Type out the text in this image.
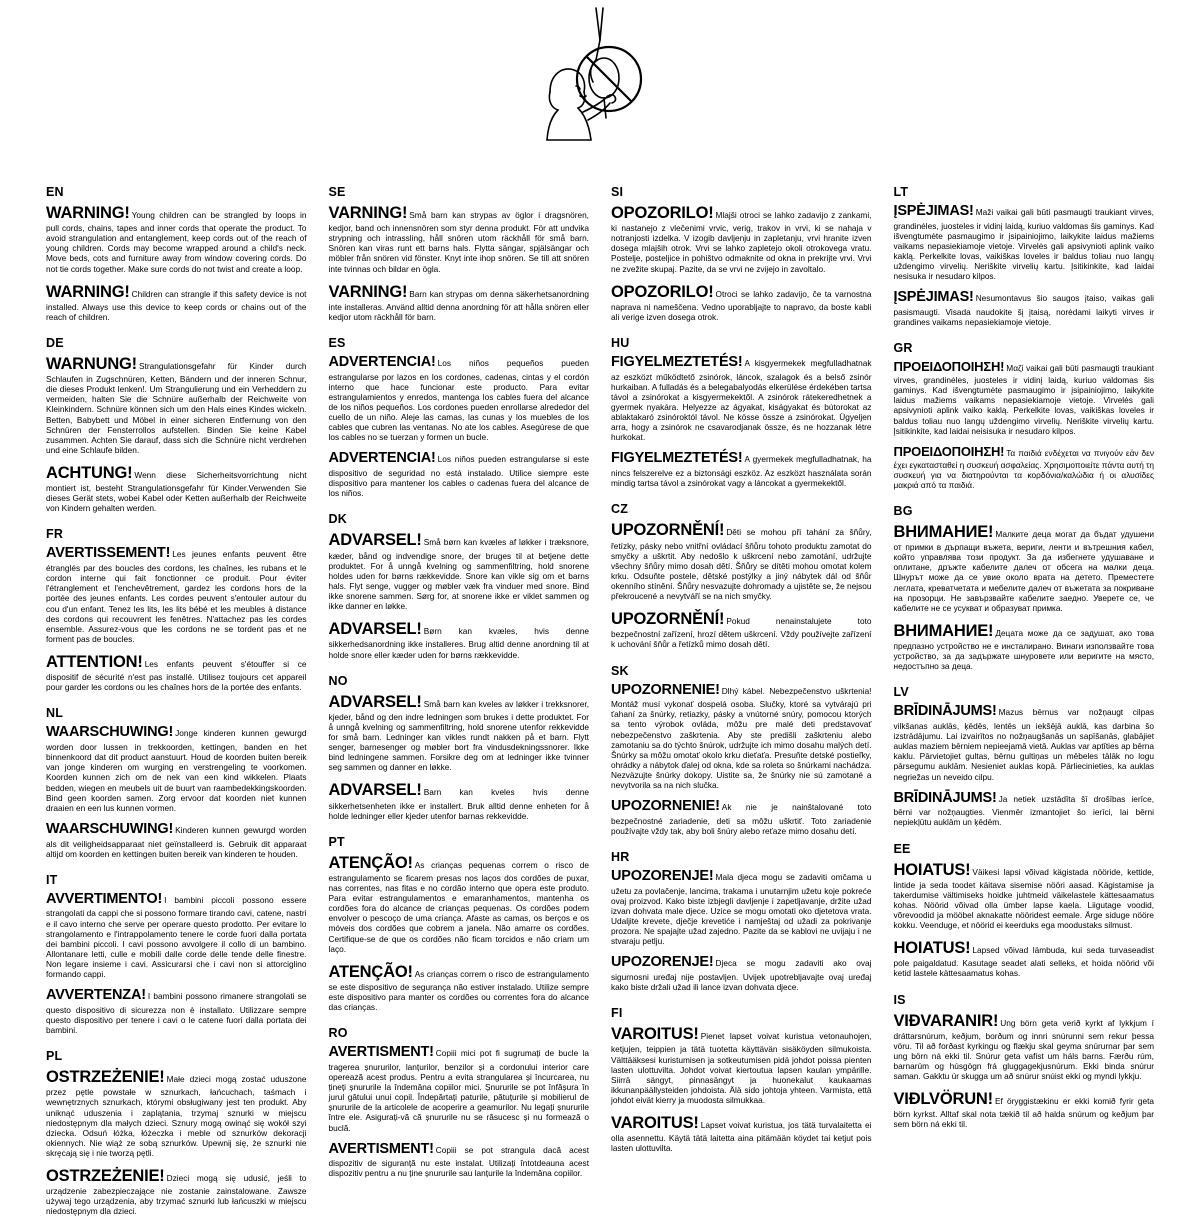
EN

WARNING! Young children can be strangled by loops in pull cords, chains, tapes and inner cords that operate the product. To avoid strangulation and entanglement, keep cords out of the reach of young children. Cords may become wrapped around a child's neck. Move beds, cots and furniture away from window covering cords. Do not tie cords together. Make sure cords do not twist and create a loop.

WARNING! Children can strangle if this safety device is not installed. Always use this device to keep cords or chains out of the reach of children.

DE

WARNUNG! Strangulationsgefahr für Kinder durch Schlaufen in Zugschnüren, Ketten, Bändern und der inneren Schnur, die dieses Produkt lenken!. Um Strangulierung und ein Verheddern zu vermeiden, halten Sie die Schnüre außerhalb der Reichweite von Kleinkindern. Schnüre können sich um den Hals eines Kindes wickeln. Betten, Babybett und Möbel in einer sicheren Entfernung von den Schnüren der Fensterrollos aufstellen. Binden Sie keine Kabel zusammen. Achten Sie darauf, dass sich die Schnüre nicht verdrehen und eine Schlaufe bilden.

ACHTUNG! Wenn diese Sicherheitsvorrichtung nicht montiert ist, besteht Strangulationsgefahr für Kinder.Verwenden Sie dieses Gerät stets, wobei Kabel oder Ketten außerhalb der Reichweite von Kindern gehalten werden.

FR

AVERTISSEMENT! Les jeunes enfants peuvent être étranglés par des boucles des cordons, les chaînes, les rubans et le cordon interne qui fait fonctionner ce produit. Pour éviter l'étranglement et l'enchevêtrement, gardez les cordons hors de la portée des jeunes enfants. Les cordes peuvent s'entouler autour du cou d'un enfant. Tenez les lits, les lits bébé et les meubles à distance des cordons qui recouvrent les fenêtres. N'attachez pas les cordes ensemble. Assurez-vous que les cordons ne se tordent pas et ne forment pas de boucles.

ATTENTION! Les enfants peuvent s'étouffer si ce dispositif de sécurité n'est pas installé. Utilisez toujours cet appareil pour garder les cordons ou les chaînes hors de la portée des enfants.

NL

WAARSCHUWING! Jonge kinderen kunnen gewurgd worden door lussen in trekkoorden, kettingen, banden en het binnenkoord dat dit product aanstuurt. Houd de koorden buiten bereik van jonge kinderen om wurging en verstrengeling te voorkomen. Koorden kunnen zich om de nek van een kind wikkelen. Plaats bedden, wiegen en meubels uit de buurt van raambedekkingskoorden. Bind geen koorden samen. Zorg ervoor dat koorden niet kunnen draaien en een lus kunnen vormen.

WAARSCHUWING! Kinderen kunnen gewurgd worden als dit veiligheidsapparaat niet geïnstalleerd is. Gebruik dit apparaat altijd om koorden en kettingen buiten bereik van kinderen te houden.

IT

AVVERTIMENTO! I bambini piccoli possono essere strangolati da cappi che si possono formare tirando cavi, catene, nastri e il cavo interno che serve per operare questo prodotto. Per evitare lo strangolamento e l'intrappolamento tenere le corde fuori dalla portata dei bambini piccoli. I cavi possono avvolgere il collo di un bambino. Allontanare letti, culle e mobili dalle corde delle tende delle finestre. Non legare insieme i cavi. Assicurarsi che i cavi non si attorciglino formando cappi.

AVVERTENZA! I bambini possono rimanere strangolati se questo dispositivo di sicurezza non è installato. Utilizzare sempre questo dispositivo per tenere i cavi o le catene fuori dalla portata dei bambini.

PL

OSTRZEŻENIE! Małe dzieci mogą zostać uduszone przez pętle powstałe w sznurkach, łańcuchach, taśmach i wewnętrznych sznurkach, którymi obsługiwany jest ten produkt. Aby uniknąć uduszenia i zaplątania, trzymaj sznurki w miejscu niedostępnym dla małych dzieci. Sznury mogą owinąć się wokół szyi dziecka. Odsuń łóżka, łóżeczka i meble od sznurków dekoracji okiennych. Nie wiąż ze sobą sznurków. Upewnij się, że sznurki nie skręcają się i nie tworzą pętli.

OSTRZEŻENIE! Dzieci mogą się udusić, jeśli to urządzenie zabezpieczające nie zostanie zainstalowane. Zawsze używaj tego urządzenia, aby trzymać sznurki lub łańcuszki w miejscu niedostępnym dla dzieci.

SE

VARNING! Små barn kan strypas av öglor i dragsnören, kedjor, band och innensnören som styr denna produkt. För att undvika strypning och intrassling, håll snören utom räckhåll för små barn. Snören kan viras runt ett barns hals. Flytta sängar, spjälsängar och möbler från snören vid fönster. Knyt inte ihop snören. Se till att snören inte tvinnas och bildar en ögla.

VARNING! Barn kan strypas om denna säkerhetsanordning inte installeras. Använd alltid denna anordning för att hålla snören eller kedjor utom räckhåll för barn.

ES

ADVERTENCIA! Los niños pequeños pueden estrangularse por lazos en los cordones, cadenas, cintas y el cordón interno que hace funcionar este producto. Para evitar estrangulamientos y enredos, mantenga los cables fuera del alcance de los niños pequeños. Los cordones pueden enrollarse alrededor del cuello de un niño. Aleje las camas, las cunas y los muebles de los cables que cubren las ventanas. No ate los cables. Asegúrese de que los cables no se tuerzan y formen un bucle.

ADVERTENCIA! Los niños pueden estrangularse si este dispositivo de seguridad no está instalado. Utilice siempre este dispositivo para mantener los cables o cadenas fuera del alcance de los niños.

DK

ADVARSEL! Små børn kan kvæles af løkker i træksnore, kæder, bånd og indvendige snore, der bruges til at betjene dette produktet. For å unngå kvelning og sammenfiltring, hold snorene holdes uden for børns rækkevidde. Snore kan vikle sig om et barns hals. Flyt senge, vugger og møbler væk fra vinduer med snore. Bind ikke snorene sammen. Sørg for, at snorene ikke er viklet sammen og ikke danner en løkke.

ADVARSEL! Børn kan kvæles, hvis denne sikkerhedsanordning ikke installeres. Brug altid denne anordning til at holde snore eller kæder uden for børns rækkevidde.

NO

ADVARSEL! Små barn kan kveles av løkker i trekksnorer, kjeder, bånd og den indre ledningen som brukes i dette produktet. For å unngå kvelning og sammenfiltring, hold snorene utenfor rekkevidde for små barn. Ledninger kan vikles rundt nakken på et barn. Flytt senger, barnesenger og møbler bort fra vindusdekningssnorer. Ikke bind ledningene sammen. Forsikre deg om at ledninger ikke tvinner seg sammen og danner en løkke.

ADVARSEL! Barn kan kveles hvis denne sikkerhetsenheten ikke er installert. Bruk alltid denne enheten for å holde ledninger eller kjeder utenfor barnas rekkevidde.

PT

ATENÇÃO! As crianças pequenas correm o risco de estrangulamento se ficarem presas nos laços dos cordões de puxar, nas correntes, nas fitas e no cordão interno que opera este produto. Para evitar estrangulamentos e emaranhamentos, mantenha os cordões fora do alcance de crianças pequenas. Os cordões podem envolver o pescoço de uma criança. Afaste as camas, os berços e os móveis dos cordões que cobrem a janela. Não amarre os cordões. Certifique-se de que os cordões não ficam torcidos e não criam um laço.

ATENÇÃO! As crianças correm o risco de estrangulamento se este dispositivo de segurança não estiver instalado. Utilize sempre este dispositivo para manter os cordões ou correntes fora do alcance das crianças.

RO

AVERTISMENT! Copiii mici pot fi sugrumați de bucle la tragerea șnururilor, lanțurilor, benzilor și a cordonului interior care operează acest produs. Pentru a evita strangularea și încurcarea, nu țineți șnururile la îndemâna copiilor mici. Șnururile se pot înfășura în jurul gâtului unui copil. Îndepărtați paturile, pătuțurile și mobilierul de șnururile de la articolele de acoperire a geamurilor. Nu legați șnururile între ele. Asigurați-vă că șnururile nu se răsucesc și nu formează o buclă.

AVERTISMENT! Copiii se pot strangula dacă acest dispozitiv de siguranță nu este instalat. Utilizați întotdeauna acest dispozitiv pentru a nu ține șnururile sau lanțurile la îndemâna copiilor.

SI

OPOZORILO! Mlajši otroci se lahko zadavijo z zankami, ki nastanejo z vlečenimi vrvic, verig, trakov in vrvi, ki se nahaja v notranjosti izdelka. V izogib davljenju in zapletanju, vrvi hranite izven dosega mlajših otrok. Vrvi se lahko zapletejo okoli otrokovega vratu. Postelje, posteljice in pohištvo odmaknite od okna in prekrijte vrvi. Vrvi ne zvežite skupaj. Pazite, da se vrvi ne zvijejo in zavoltalo.

OPOZORILO! Otroci se lahko zadavijo, če ta varnostna naprava ni nameščena. Vedno uporabljajte to napravo, da boste kabli ali verige izven dosega otrok.

HU

FIGYELMEZTETÉS! A kisgyermekek megfulladhatnak az eszközt működtető zsinórok, láncok, szalagok és a belső zsinór hurkaiban. A fulladás és a belegabalyodás elkerülése érdekében tartsa távol a zsinórokat a kisgyermekektől. A zsinórok rátekeredhetnek a gyermek nyakára. Helyezze az ágyakat, kiságyakat és bútorokat az ablaktakaró zsinóroktól távol. Ne kösse össze a zsinórokat. Ügyeljen arra, hogy a zsinórok ne csavarodjanak össze, és ne hozzanak létre hurkokat.

FIGYELMEZTETÉS! A gyermekek megfulladhatnak, ha nincs felszerelve ez a biztonsági eszköz. Az eszközt használata során mindig tartsa távol a zsinórokat vagy a láncokat a gyermekektől.

CZ

UPOZORNĚNÍ! Děti se mohou při tahání za šňůry, řetízky, pásky nebo vnitřní ovládací šňůru tohoto produktu zamotat do smyčky a uškrtit. Aby nedošlo k uškrcení nebo zamotání, udržujte všechny šňůry mimo dosah dětí. Šňůry se dítěti mohou omotat kolem krku. Odsuňte postele, dětské postýlky a jiný nábytek dál od šňůr okenního stínění. Šňůry nesvazujte dohromady a ujistěte se, že nejsou překroucené a nevytváří se na nich smyčky.

UPOZORNĚNÍ! Pokud nenainstalujete toto bezpečnostní zařízení, hrozí dětem uškrcení. Vždy používejte zařízení k uchování šňůr a řetízků mimo dosah dětí.

SK

UPOZORNENIE! Dlhý kábel. Nebezpečenstvo uškrtenia! Montáž musí vykonať dospelá osoba. Slučky, ktoré sa vytvárajú pri ťahaní za šnúrky, retiazky, pásky a vnútorné snúry, pomocou ktorých sa tento výrobok ovláda, môžu pre malé deti predstavovať nebezpečenstvo zaškrtenia. Aby ste predišli zaškrteniu alebo zamotaniu sa do týchto šnúrok, udržujte ich mimo dosahu malých detí. Šnúrky sa môžu omotať okolo krku dieťaťa. Presuňte detské postieľky, ohrádky a nábytok ďalej od okna, kde sa roleta so šnúrkami nachádza. Nezväzujte šnúrky dokopy. Uistite sa, že šnúrky nie sú zamotané a nevytvorila sa na nich slučka.

UPOZORNENIE! Ak nie je nainštalované toto bezpečnostné zariadenie, deti sa môžu uškrtiť. Toto zariadenie používajte vždy tak, aby boli šnúry alebo reťaze mimo dosahu detí.

HR

UPOZORENJE! Mala djeca mogu se zadaviti omčama u užetu za povlačenje, lancima, trakama i unutarnjim užetu koje pokreće ovaj proizvod. Kako biste izbjegli davljenje i zapetljavanje, držite užad izvan dohvata male djece. Uzice se mogu omotati oko djetetova vrata. Udaljite krevete, dječje krevetiće i namještaj od užadi za pokrivanje prozora. Ne spajajte užad zajedno. Pazite da se kablovi ne uvijaju i ne stvaraju petlju.

UPOZORENJE! Djeca se mogu zadaviti ako ovaj sigurnosni uređaj nije postavljen. Uvijek upotrebljavajte ovaj uređaj kako biste držali užad ili lance izvan dohvata djece.

FI

VAROITUS! Pienet lapset voivat kuristua vetonauhojen, ketjujen, teippien ja tätä tuotetta käyttävän sisäköyden silmukoista. Välttääksesi kuristumisen ja sotkeutumisen pidä johdot poissa pienten lasten ulottuvilta. Johdot voivat kiertoutua lapsen kaulan ympärille. Siirrä sängyt, pinnasängyt ja huonekalut kaukaamas ikkunanpäällysteiden johdoista. Älä sido johtoja yhteen. Varmista, että johdot eivät kierry ja muodosta silmukkaa.

VAROITUS! Lapset voivat kuristua, jos tätä turvalaitetta ei olla asennettu. Käytä tätä laitetta aina pitämään köydet tai ketjut pois lasten ulottuvilta.

LT

ĮSPĖJIMAS! Maži vaikai gali būti pasmaugti traukiant virves, grandinėles, juosteles ir vidinį laidą, kuriuo valdomas šis gaminys. Kad išvengtumėte pasmaugimo ir įsipainiojimo, laikykite laidus mažiems vaikams nepasiekiamoje vietoje. Virvelės gali apsivynioti aplink vaiko kaklą. Perkelkite lovas, vaikiškas loveles ir baldus toliau nuo langų uždengimo virvelių. Neriškite virvelių kartu. Įsitikinkite, kad laidai nesisuka ir nesudaro kilpos.

ĮSPĖJIMAS! Nesumontavus šio saugos įtaiso, vaikas gali pasismaugti. Visada naudokite šį įtaisą, norėdami laikyti virves ir grandines vaikams nepasiekiamoje vietoje.

GR

ΠΡΟΕΙΔΟΠΟΙΗΣΗ! Μαζί vaikai gali būti pasmaugti traukiant virves, grandinėles, juosteles ir vidinį laidą, kuriuo valdomas šis gaminys. Kad išvengtumėte pasmaugimo ir įsipainiojimo, laikykite laidus mažiems vaikams nepasiekiamoje vietoje. Virvelės gali apsivynioti aplink vaiko kaklą. Perkelkite lovas, vaikiškas loveles ir baldus toliau nuo langų uždengimo virvelių. Neriškite virvelių kartu. Įsitikinkite, kad laidai neisisuka ir nesudaro kilpos.

ΠΡΟΕΙΔΟΠΟΙΗΣΗ! Τα παιδιά ενδέχεται να πνιγούν εάν δεν έχει εγκατασταθεί η συσκευή ασφαλείας. Χρησιμοποιείτε πάντα αυτή τη συσκευή για να διατηρούνται τα κορδόνια/καλώδια ή οι αλυσίδες μακριά από τα παιδιά.

BG

ВНИМАНИЕ! Малките деца могат да бъдат удушени от примки в дърпащи въжета, вериги, ленти и вътрешния кабел, който управлява този продукт. За да избегнете удушаване и оплитане, дръжте кабелите далеч от обсега на малки деца. Шнурът може да се увие около врата на детето. Преместете леглата, креватчетата и мебелите далеч от въжетата за покриване на прозорци. Не завързвайте кабелите заедно. Уверете се, че кабелите не се усукват и образуват примка.

ВНИМАНИЕ! Децата може да се задушат, ако това предпазно устройство не е инсталирано. Винаги използвайте това устройство, за да задържате шнуровете или веригите на място, недостъпно за деца.

LV

BRĪDINĀJUMS! Mazus bērnus var nožņaugt cilpas vilkšanas auklās, ķēdēs, lentēs un iekšējā auklā, kas darbina šo izstrādājumu. Lai izvairītos no nožņaugšanās un sapīšanās, glabājiet auklas maziem bērniem nepieejamā vietā. Auklas var aptīties ap bērna kaklu. Pārvietojiet gultas, bērnu gultiņas un mēbeles tālāk no logu pārsegumu auklām. Nesieniet auklas kopā. Pārliecinieties, ka auklas negriežas un neveido cilpu.

BRĪDINĀJUMS! Ja netiek uzstādīta šī drošības ierīce, bērni var nožņaugties. Vienmēr izmantojiet šo ierīci, lai bērni nepiekļūtu auklām un ķēdēm.

EE

HOIATUS! Väikesi lapsi võivad kägistada nööride, kettide, lintide ja seda toodet käitava sisemise nööri aasad. Kägistamise ja takerdumise vältimiseks hoidke juhtmeid väikelastele kättesaamatus kohas. Nöörid võivad olla ümber lapse kaela. Liigutage voodid, võrevoodid ja mööbel aknakatte nööridest eemale. Ärge siduge nööre kokku. Veenduge, et nöörid ei keerduks ega moodustaks silmust.

HOIATUS! Lapsed võivad lämbuda, kui seda turvaseadist pole paigaldatud. Kasutage seadet alati selleks, et hoida nöörid või ketid lastele kättesaamatus kohas.

IS

VIÐVARANIR! Ung börn geta verið kyrkt af lykkjum í dráttarsnúrum, keðjum, borðum og innri snúrunni sem rekur þessa vöru. Til að forðast kyrkingu og flækju skal geyma snúrurnar þar sem ung börn ná ekki til. Snúrur geta vafist um háls barns. Færðu rúm, barnarúm og húsgögn frá gluggagekjusnúrum. Ekki binda snúrur saman. Gakktu úr skugga um að snúrur snúist ekki og myndi lykkju.

VIÐLVÖRUN! Ef öryggistækinu er ekki komið fyrir geta börn kyrkst. Alltaf skal nota tækið til að halda snúrum og keðjum þar sem börn ná ekki til.
